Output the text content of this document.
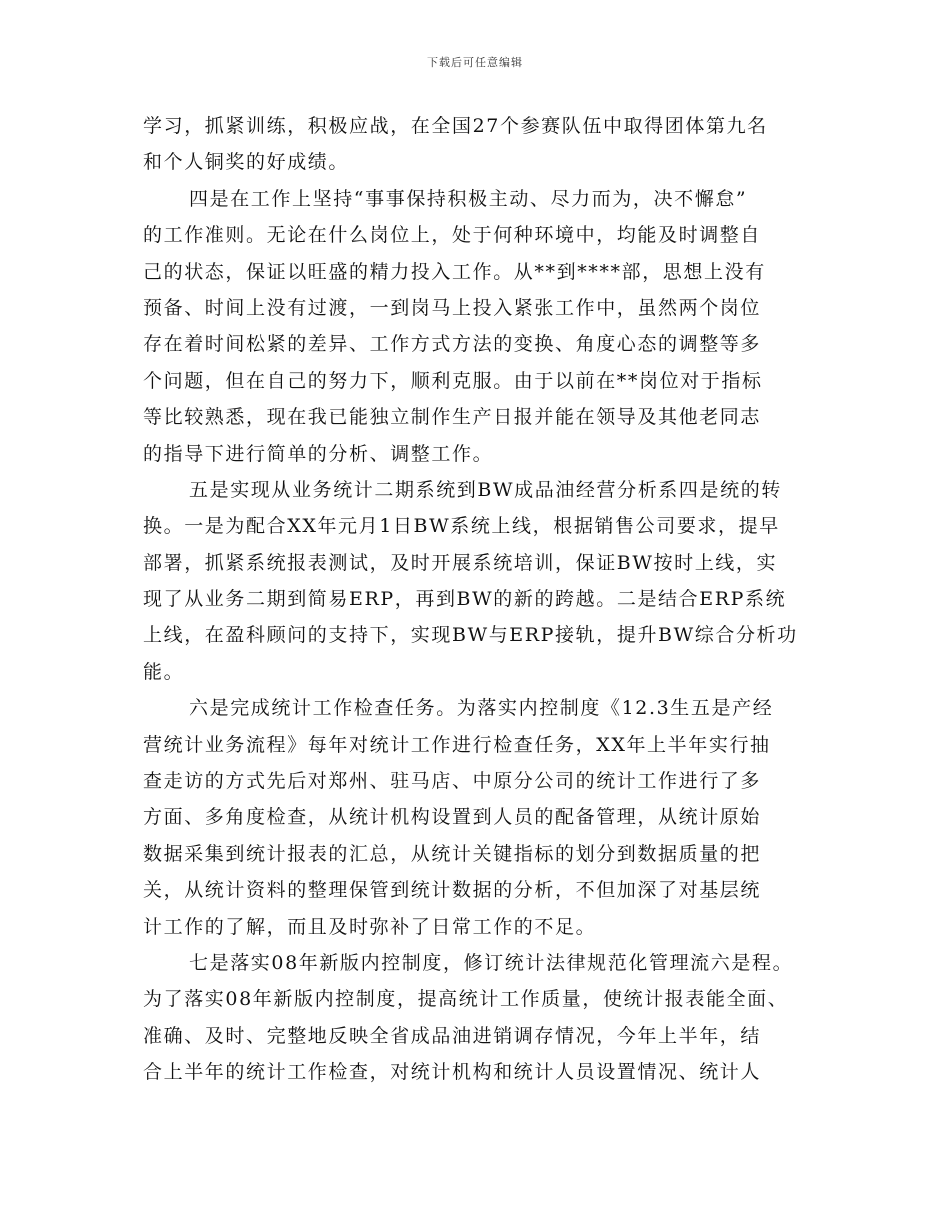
下载后可任意编辑
学习，抓紧训练，积极应战，在全国27个参赛队伍中取得团体第九名
和个人铜奖的好成绩。
四是在工作上坚持“事事保持积极主动、尽力而为，决不懈怠”
的工作准则。无论在什么岗位上，处于何种环境中，均能及时调整自
己的状态，保证以旺盛的精力投入工作。从**到****部，思想上没有
预备、时间上没有过渡，一到岗马上投入紧张工作中，虽然两个岗位
存在着时间松紧的差异、工作方式方法的变换、角度心态的调整等多
个问题，但在自己的努力下，顺利克服。由于以前在**岗位对于指标
等比较熟悉，现在我已能独立制作生产日报并能在领导及其他老同志
的指导下进行简单的分析、调整工作。
五是实现从业务统计二期系统到BW成品油经营分析系四是统的转
换。一是为配合XX年元月1日BW系统上线，根据销售公司要求，提早
部署，抓紧系统报表测试，及时开展系统培训，保证BW按时上线，实
现了从业务二期到简易ERP，再到BW的新的跨越。二是结合ERP系统
上线，在盈科顾问的支持下，实现BW与ERP接轨，提升BW综合分析功
能。
六是完成统计工作检查任务。为落实内控制度《12.3生五是产经
营统计业务流程》每年对统计工作进行检查任务，XX年上半年实行抽
查走访的方式先后对郑州、驻马店、中原分公司的统计工作进行了多
方面、多角度检查，从统计机构设置到人员的配备管理，从统计原始
数据采集到统计报表的汇总，从统计关键指标的划分到数据质量的把
关，从统计资料的整理保管到统计数据的分析，不但加深了对基层统
计工作的了解，而且及时弥补了日常工作的不足。
七是落实08年新版内控制度，修订统计法律规范化管理流六是程。
为了落实08年新版内控制度，提高统计工作质量，使统计报表能全面、
准确、及时、完整地反映全省成品油进销调存情况，今年上半年，结
合上半年的统计工作检查，对统计机构和统计人员设置情况、统计人
